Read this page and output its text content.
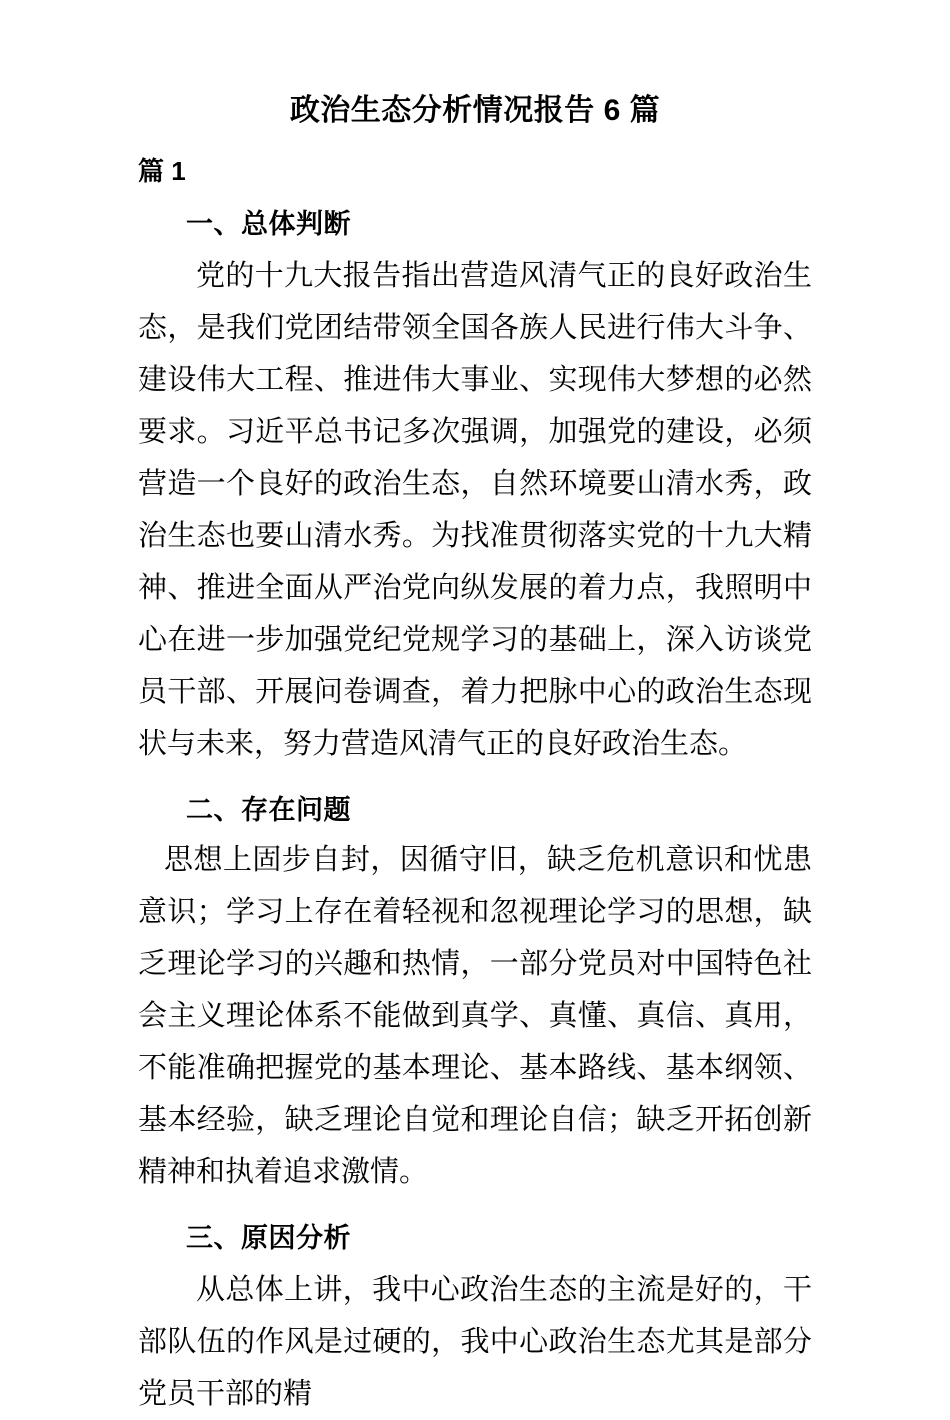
政治生态分析情况报告 6 篇
篇 1
一、总体判断

党的十九大报告指出营造风清气正的良好政治生态，是我们党团结带领全国各族人民进行伟大斗争、建设伟大工程、推进伟大事业、实现伟大梦想的必然要求。习近平总书记多次强调，加强党的建设，必须营造一个良好的政治生态，自然环境要山清水秀，政治生态也要山清水秀。为找准贯彻落实党的十九大精神、推进全面从严治党向纵发展的着力点，我照明中心在进一步加强党纪党规学习的基础上，深入访谈党员干部、开展问卷调查，着力把脉中心的政治生态现状与未来，努力营造风清气正的良好政治生态。

二、存在问题

思想上固步自封，因循守旧，缺乏危机意识和忧患意识；学习上存在着轻视和忽视理论学习的思想，缺乏理论学习的兴趣和热情，一部分党员对中国特色社会主义理论体系不能做到真学、真懂、真信、真用，不能准确把握党的基本理论、基本路线、基本纲领、基本经验，缺乏理论自觉和理论自信；缺乏开拓创新精神和执着追求激情。

三、原因分析

从总体上讲，我中心政治生态的主流是好的，干部队伍的作风是过硬的，我中心政治生态尤其是部分党员干部的精
